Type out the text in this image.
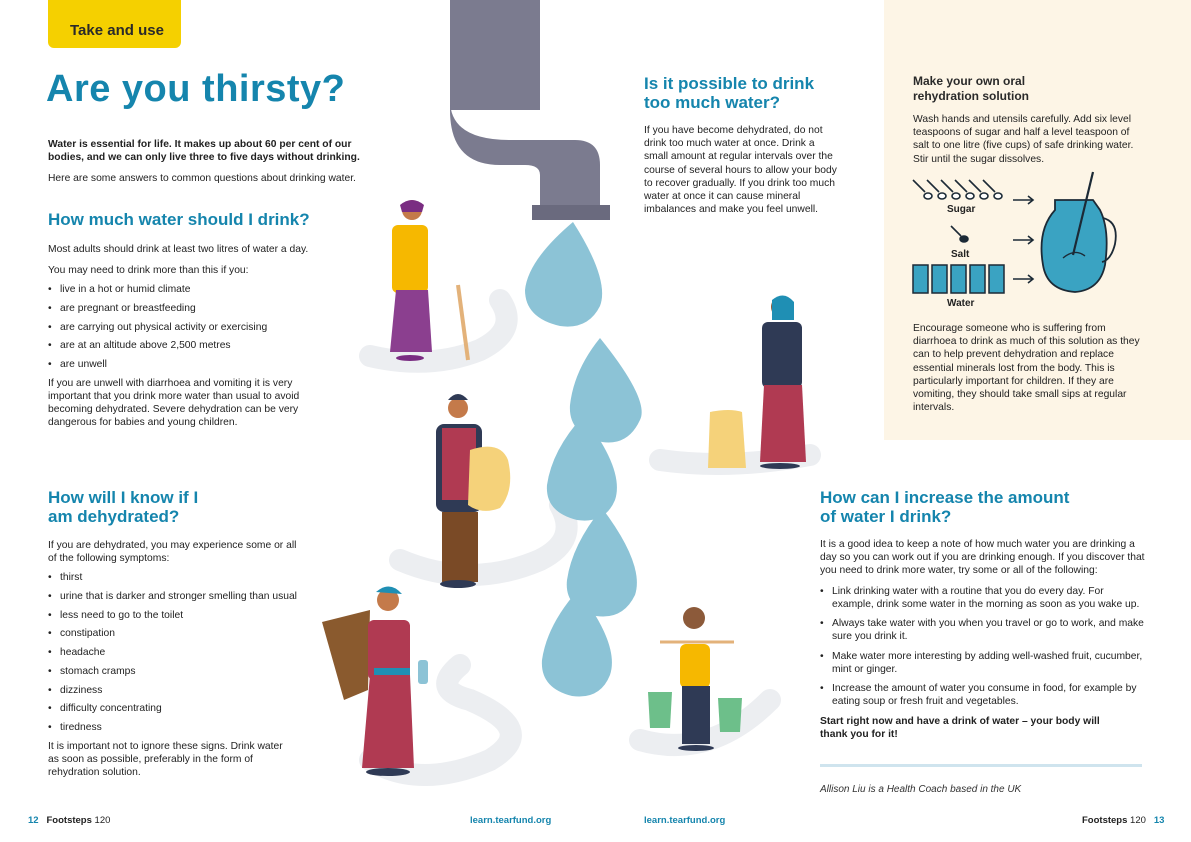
Take and use
Are you thirsty?
Water is essential for life. It makes up about 60 per cent of our bodies, and we can only live three to five days without drinking.
Here are some answers to common questions about drinking water.
How much water should I drink?

Most adults should drink at least two litres of water a day.

You may need to drink more than this if you:

• live in a hot or humid climate
• are pregnant or breastfeeding
• are carrying out physical activity or exercising
• are at an altitude above 2,500 metres
• are unwell

If you are unwell with diarrhoea and vomiting it is very important that you drink more water than usual to avoid becoming dehydrated. Severe dehydration can be very dangerous for babies and young children.

How will I know if I
am dehydrated?

If you are dehydrated, you may experience some or all of the following symptoms:

• thirst
• urine that is darker and stronger smelling than usual
• less need to go to the toilet
• constipation
• headache
• stomach cramps
• dizziness
• difficulty concentrating
• tiredness

It is important not to ignore these signs. Drink water as soon as possible, preferably in the form of rehydration solution.

Is it possible to drink
too much water?

If you have become dehydrated, do not drink too much water at once. Drink a small amount at regular intervals over the course of several hours to allow your body to recover gradually. If you drink too much water at once it can cause mineral imbalances and make you feel unwell.

Make your own oral
rehydration solution

Wash hands and utensils carefully. Add six level teaspoons of sugar and half a level teaspoon of salt to one litre (five cups) of safe drinking water. Stir until the sugar dissolves.

Sugar
Salt
Water
Encourage someone who is suffering from diarrhoea to drink as much of this solution as they can to help prevent dehydration and replace essential minerals lost from the body. This is particularly important for children. If they are vomiting, they should take small sips at regular intervals.
How can I increase the amount
of water I drink?

It is a good idea to keep a note of how much water you are drinking a day so you can work out if you are drinking enough. If you discover that you need to drink more water, try some or all of the following:

• Link drinking water with a routine that you do every day. For example, drink some water in the morning as soon as you wake up.
• Always take water with you when you travel or go to work, and make sure you drink it.
• Make water more interesting by adding well-washed fruit, cucumber, mint or ginger.
• Increase the amount of water you consume in food, for example by eating soup or fresh fruit and vegetables.

Start right now and have a drink of water – your body will thank you for it!

Allison Liu is a Health Coach based in the UK
12 Footsteps 120	learn.tearfund.org	learn.tearfund.org	Footsteps 120 13
